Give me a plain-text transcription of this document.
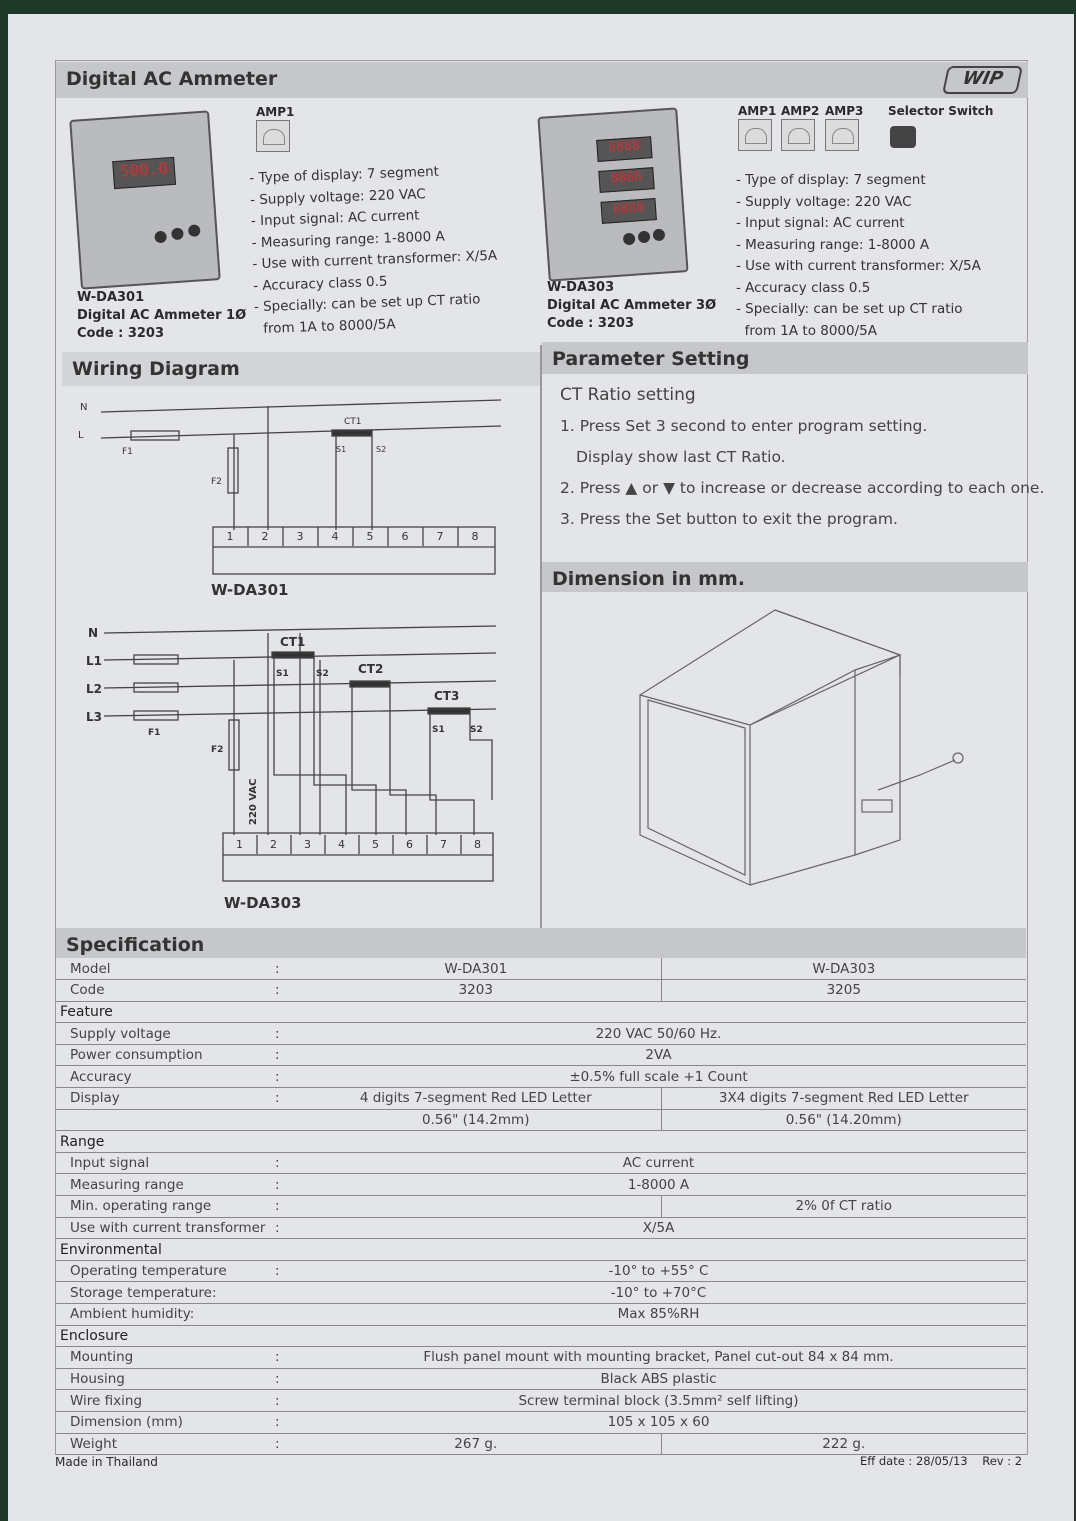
Digital AC Ammeter	WIP
500.0
AMP1
- Type of display: 7 segment
- Supply voltage: 220 VAC
- Input signal: AC current
- Measuring range: 1-8000 A
- Use with current transformer: X/5A
- Accuracy class 0.5
- Specially: can be set up CT ratio
from 1A to 8000/5A
W-DA301
Digital AC Ammeter 1Ø
Code : 3203
8888
8888
8888
AMP1 AMP2 AMP3 Selector Switch
- Type of display: 7 segment
- Supply voltage: 220 VAC
- Input signal: AC current
- Measuring range: 1-8000 A
- Use with current transformer: X/5A
- Accuracy class 0.5
- Specially: can be set up CT ratio
from 1A to 8000/5A
W-DA303
Digital AC Ammeter 3Ø
Code : 3203
Wiring Diagram
1	2	3	4	5	6	7	8
N
L
F1
F2
CT1
S1	S2
W-DA301
1 2 3 4 5 6 7 8
N
L1
L2
L3
F1
F2
CT1
CT2
CT3
S1	S2
S1	S2
220 VAC
W-DA303
Parameter Setting
CT Ratio setting
1. Press Set 3 second to enter program setting.
Display show last CT Ratio.
2. Press ▲ or ▼ to increase or decrease according to each one.
3. Press the Set button to exit the program.
Dimension in mm.
Specification
Model	:	W-DA301	W-DA303
Code	:	3203	3205
Feature			
Supply voltage	:	220 VAC 50/60 Hz.	
Power consumption	:	2VA	
Accuracy	:	±0.5% full scale +1 Count	
Display	:	4 digits 7-segment Red LED Letter	3X4 digits 7-segment Red LED Letter
		0.56" (14.2mm)	0.56" (14.20mm)
Range			
Input signal	:	AC current	
Measuring range	:	1-8000 A	
Min. operating range	:		2% 0f CT ratio
Use with current transformer	:	X/5A	
Environmental			
Operating temperature	:	-10° to +55° C	
Storage temperature:		-10° to +70°C	
Ambient humidity:		Max 85%RH	
Enclosure			
Mounting	:	Flush panel mount with mounting bracket, Panel cut-out 84 x 84 mm.	
Housing	:	Black ABS plastic	
Wire fixing	:	Screw terminal block (3.5mm² self lifting)	
Dimension (mm)	:	105 x 105 x 60	
Weight	:	267 g.	222 g.
Made in Thailand	Eff date : 28/05/13    Rev : 2
